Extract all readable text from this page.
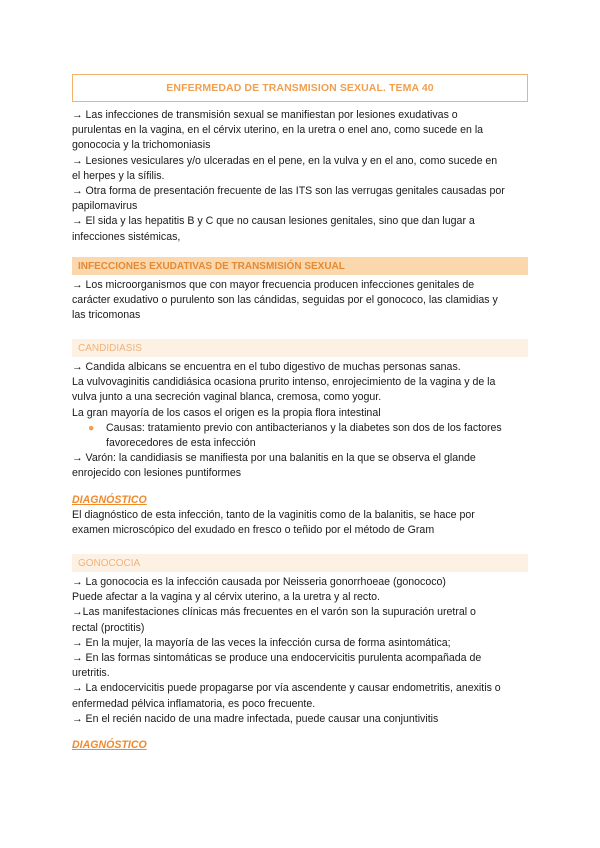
ENFERMEDAD DE TRANSMISION SEXUAL. TEMA 40

→ Las infecciones de transmisión sexual se manifiestan por lesiones exudativas o

purulentas en la vagina, en el cérvix uterino, en la uretra o enel ano, como sucede en la

gonococia y la trichomoniasis

→ Lesiones vesiculares y/o ulceradas en el pene, en la vulva y en el ano, como sucede en

el herpes y la sífilis.

→ Otra forma de presentación frecuente de las ITS son las verrugas genitales causadas por

papilomavirus

→ El sida y las hepatitis B y C que no causan lesiones genitales, sino que dan lugar a

infecciones sistémicas,

INFECCIONES EXUDATIVAS DE TRANSMISIÓN SEXUAL

→ Los microorganismos que con mayor frecuencia producen infecciones genitales de

carácter exudativo o purulento son las cándidas, seguidas por el gonococo, las clamidias y

las tricomonas

CANDIDIASIS

→ Candida albicans se encuentra en el tubo digestivo de muchas personas sanas.

La vulvovaginitis candidiásica ocasiona prurito intenso, enrojecimiento de la vagina y de la

vulva junto a una secreción vaginal blanca, cremosa, como yogur.

La gran mayoría de los casos el origen es la propia flora intestinal

●	Causas: tratamiento previo con antibacterianos y la diabetes son dos de los factores

favorecedores de esta infección

→ Varón: la candidiasis se manifiesta por una balanitis en la que se observa el glande

enrojecido con lesiones puntiformes

DIAGNÓSTICO

El diagnóstico de esta infección, tanto de la vaginitis como de la balanitis, se hace por

examen microscópico del exudado en fresco o teñido por el método de Gram

GONOCOCIA

→ La gonococia es la infección causada por Neisseria gonorrhoeae (gonococo)

Puede afectar a la vagina y al cérvix uterino, a la uretra y al recto.

→Las manifestaciones clínicas más frecuentes en el varón son la supuración uretral o

rectal (proctitis)

→ En la mujer, la mayoría de las veces la infección cursa de forma asintomática;

→ En las formas sintomáticas se produce una endocervicitis purulenta acompañada de

uretritis.

→ La endocervicitis puede propagarse por vía ascendente y causar endometritis, anexitis o

enfermedad pélvica inflamatoria, es poco frecuente.

→ En el recién nacido de una madre infectada, puede causar una conjuntivitis

DIAGNÓSTICO
